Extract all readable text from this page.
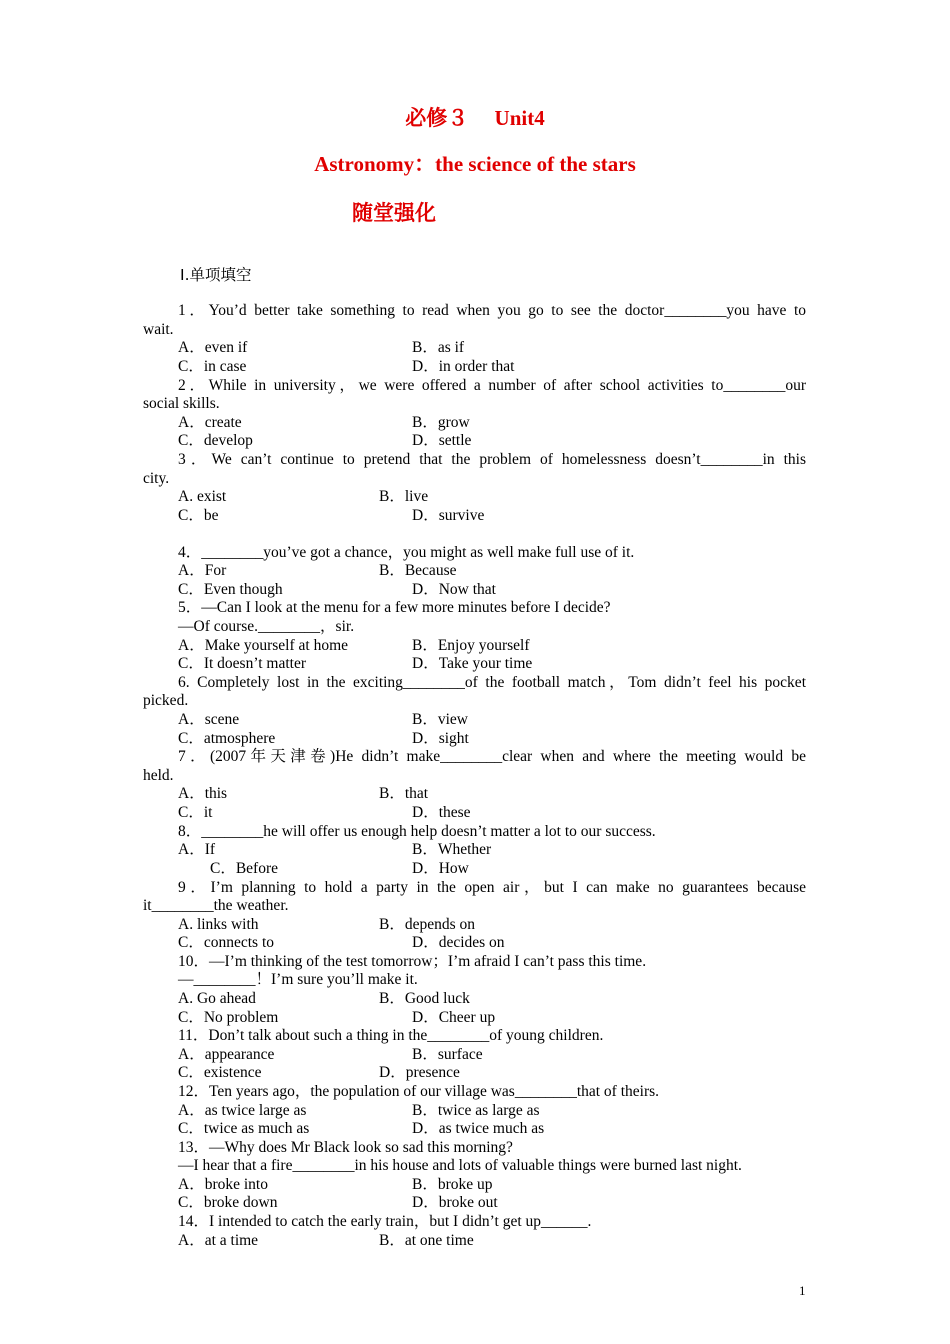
必修３　 Unit4
Astronomy：the science of the stars
随堂强化
Ⅰ.单项填空
1．You’d better take something to read when you go to see the doctor________you have to
wait.
A．even if	B．as if
C．in case	D．in order that
2．While in university，we were offered a number of after school activities to________our
social skills.
A．create	B．grow
C．develop	D．settle
3．We can’t continue to pretend that the problem of homelessness doesn’t________in this
city.
A. exist	B．live
C．be	D．survive
4．________you’ve got a chance，you might as well make full use of it.
A．For	B．Because
C．Even though	D．Now that
5．—Can I look at the menu for a few more minutes before I decide?
—Of course.________，sir.
A．Make yourself at home	B．Enjoy yourself
C．It doesn’t matter	D．Take your time
6. Completely lost in the exciting________of the football match，Tom didn’t feel his pocket
picked.
A．scene	B．view
C．atmosphere	D．sight
7．(2007年天津卷)He didn’t make________clear when and where the meeting would be
held.
A．this	B．that
C．it	D．these
8．________he will offer us enough help doesn’t matter a lot to our success.
A．If	B．Whether
C．Before	D．How
9．I’m planning to hold a party in the open air，but I can make no guarantees because
it________the weather.
A. links with	B．depends on
C．connects to	D．decides on
10．—I’m thinking of the test tomorrow；I’m afraid I can’t pass this time.
—________！I’m sure you’ll make it.
A. Go ahead	B．Good luck
C．No problem	D．Cheer up
11．Don’t talk about such a thing in the________of young children.
A．appearance	B．surface
C．existence	D．presence
12．Ten years ago，the population of our village was________that of theirs.
A．as twice large as	B．twice as large as
C．twice as much as	D．as twice much as
13．—Why does Mr Black look so sad this morning?
—I hear that a fire________in his house and lots of valuable things were burned last night.
A．broke into	B．broke up
C．broke down	D．broke out
14．I intended to catch the early train，but I didn’t get up______.
A．at a time	B．at one time
1
